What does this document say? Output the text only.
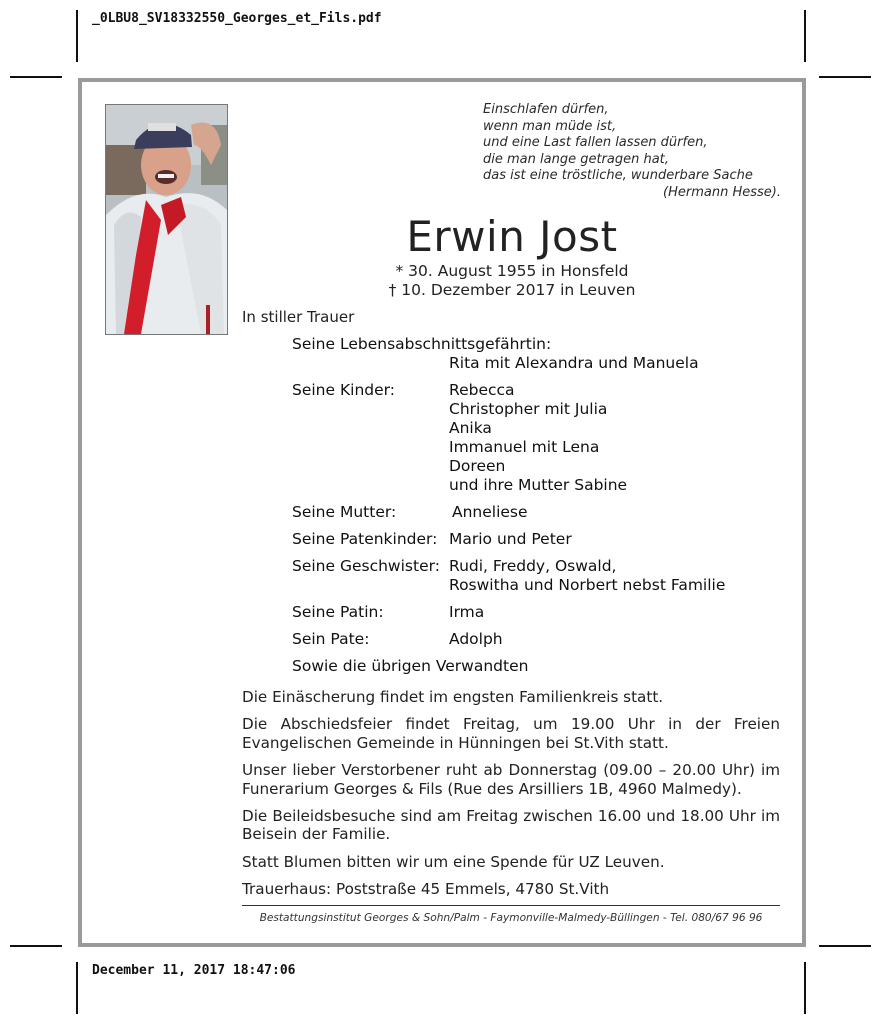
_0LBU8_SV18332550_Georges_et_Fils.pdf
Einschlafen dürfen,
wenn man müde ist,
und eine Last fallen lassen dürfen,
die man lange getragen hat,
das ist eine tröstliche, wunderbare Sache
(Hermann Hesse).
Erwin Jost
* 30. August 1955 in Honsfeld
† 10. Dezember 2017 in Leuven
In stiller Trauer
Seine Lebensabschnittsgefährtin:
Rita mit Alexandra und Manuela
Seine Kinder:	Rebecca
Christopher mit Julia
Anika
Immanuel mit Lena
Doreen
und ihre Mutter Sabine
Seine Mutter:	Anneliese
Seine Patenkinder: Mario und Peter
Seine Geschwister: Rudi, Freddy, Oswald,
Roswitha und Norbert nebst Familie
Seine Patin:	Irma
Sein Pate:	Adolph
Sowie die übrigen Verwandten

Die Einäscherung findet im engsten Familienkreis statt.

Die Abschiedsfeier findet Freitag, um 19.00 Uhr in der Freien Evangelischen Gemeinde in Hünningen bei St.Vith statt.

Unser lieber Verstorbener ruht ab Donnerstag (09.00 – 20.00 Uhr) im Funerarium Georges & Fils (Rue des Arsilliers 1B, 4960 Malmedy).

Die Beileidsbesuche sind am Freitag zwischen 16.00 und 18.00 Uhr im Beisein der Familie.

Statt Blumen bitten wir um eine Spende für UZ Leuven.

Trauerhaus: Poststraße 45 Emmels, 4780 St.Vith

Bestattungsinstitut Georges & Sohn/Palm - Faymonville-Malmedy-Büllingen - Tel. 080/67 96 96
December 11, 2017 18:47:06
